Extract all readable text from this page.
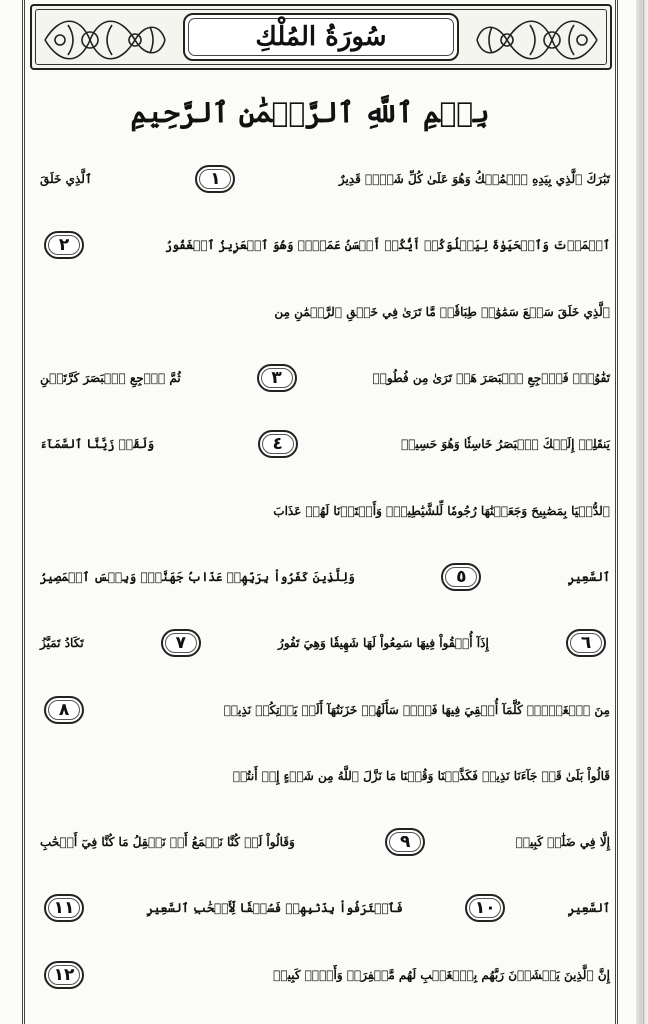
سُورَةُ المُلْكِ
بِسۡمِ ٱللَّهِ ٱلرَّحۡمَٰنِ ٱلرَّحِيمِ
تَبَٰرَكَ ٱلَّذِي بِيَدِهِ ٱلۡمُلۡكُ وَهُوَ عَلَىٰ كُلِّ شَيۡءٖ قَدِيرٌ
١
ٱلَّذِي خَلَقَ
ٱلۡمَوۡتَ وَٱلۡحَيَوٰةَ لِيَبۡلُوَكُمۡ أَيُّكُمۡ أَحۡسَنُ عَمَلٗاۚ وَهُوَ ٱلۡعَزِيزُ ٱلۡغَفُورُ
٢
ٱلَّذِي خَلَقَ سَبۡعَ سَمَٰوَٰتٖ طِبَاقٗاۖ مَّا تَرَىٰ فِي خَلۡقِ ٱلرَّحۡمَٰنِ مِن
تَفَٰوُتٖۖ فَٱرۡجِعِ ٱلۡبَصَرَ هَلۡ تَرَىٰ مِن فُطُورٖ
٣
ثُمَّ ٱرۡجِعِ ٱلۡبَصَرَ كَرَّتَيۡنِ
يَنقَلِبۡ إِلَيۡكَ ٱلۡبَصَرُ خَاسِئٗا وَهُوَ حَسِيرٞ
٤
وَلَقَدۡ زَيَّنَّا ٱلسَّمَآءَ
ٱلدُّنۡيَا بِمَصَٰبِيحَ وَجَعَلۡنَٰهَا رُجُومٗا لِّلشَّيَٰطِينِۖ وَأَعۡتَدۡنَا لَهُمۡ عَذَابَ
ٱلسَّعِيرِ
٥
وَلِلَّذِينَ كَفَرُواْ بِرَبِّهِمۡ عَذَابُ جَهَنَّمَۖ وَبِئۡسَ ٱلۡمَصِيرُ
٦
إِذَآ أُلۡقُواْ فِيهَا سَمِعُواْ لَهَا شَهِيقٗا وَهِيَ تَفُورُ
٧
تَكَادُ تَمَيَّزُ
مِنَ ٱلۡغَيۡظِۖ كُلَّمَآ أُلۡقِيَ فِيهَا فَوۡجٞ سَأَلَهُمۡ خَزَنَتُهَآ أَلَمۡ يَأۡتِكُمۡ نَذِيرٞ
٨
قَالُواْ بَلَىٰ قَدۡ جَآءَنَا نَذِيرٞ فَكَذَّبۡنَا وَقُلۡنَا مَا نَزَّلَ ٱللَّهُ مِن شَيۡءٍ إِنۡ أَنتُمۡ
إِلَّا فِي ضَلَٰلٖ كَبِيرٖ
٩
وَقَالُواْ لَوۡ كُنَّا نَسۡمَعُ أَوۡ نَعۡقِلُ مَا كُنَّا فِيٓ أَصۡحَٰبِ
ٱلسَّعِيرِ
١٠
فَٱعۡتَرَفُواْ بِذَنۢبِهِمۡ فَسُحۡقٗا لِّأَصۡحَٰبِ ٱلسَّعِيرِ
١١
إِنَّ ٱلَّذِينَ يَخۡشَوۡنَ رَبَّهُم بِٱلۡغَيۡبِ لَهُم مَّغۡفِرَةٞ وَأَجۡرٞ كَبِيرٞ
١٢
